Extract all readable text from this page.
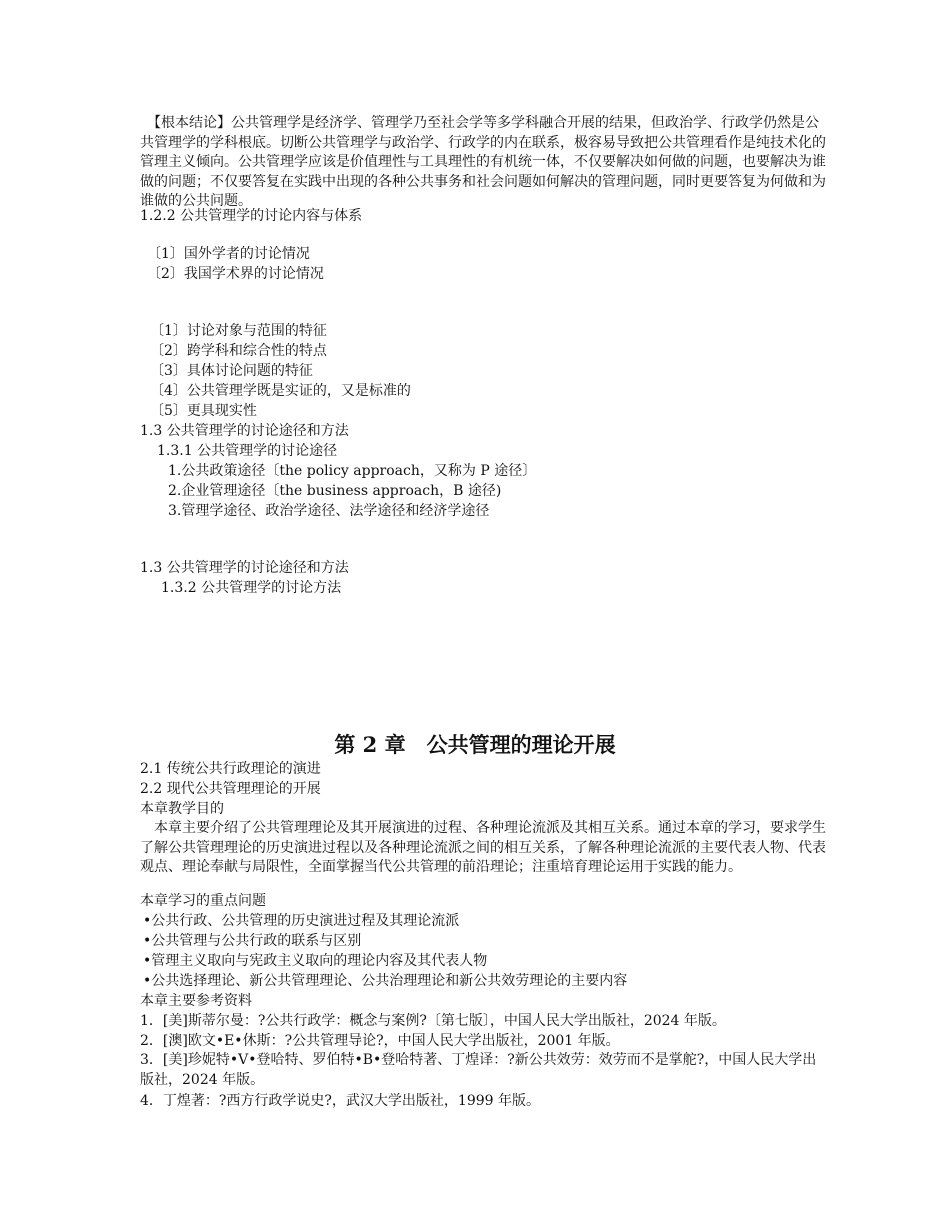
【根本结论】公共管理学是经济学、管理学乃至社会学等多学科融合开展的结果，但政治学、行政学仍然是公共管理学的学科根底。切断公共管理学与政治学、行政学的内在联系，极容易导致把公共管理看作是纯技术化的管理主义倾向。公共管理学应该是价值理性与工具理性的有机统一体，不仅要解决如何做的问题，也要解决为谁做的问题；不仅要答复在实践中出现的各种公共事务和社会问题如何解决的管理问题，同时更要答复为何做和为谁做的公共问题。
1.2.2 公共管理学的讨论内容与体系
〔1〕国外学者的讨论情况
〔2〕我国学术界的讨论情况
〔1〕讨论对象与范围的特征
〔2〕跨学科和综合性的特点
〔3〕具体讨论问题的特征
〔4〕公共管理学既是实证的，又是标准的
〔5〕更具现实性
1.3 公共管理学的讨论途径和方法
1.3.1 公共管理学的讨论途径
1.公共政策途径〔the policy approach，又称为 P 途径〕
2.企业管理途径〔the business approach，B 途径)
3.管理学途径、政治学途径、法学途径和经济学途径
1.3 公共管理学的讨论途径和方法
1.3.2 公共管理学的讨论方法
第 2 章　公共管理的理论开展
2.1 传统公共行政理论的演进
2.2 现代公共管理理论的开展
本章教学目的
本章主要介绍了公共管理理论及其开展演进的过程、各种理论流派及其相互关系。通过本章的学习，要求学生了解公共管理理论的历史演进过程以及各种理论流派之间的相互关系，了解各种理论流派的主要代表人物、代表观点、理论奉献与局限性，全面掌握当代公共管理的前沿理论；注重培育理论运用于实践的能力。
本章学习的重点问题
•公共行政、公共管理的历史演进过程及其理论流派
•公共管理与公共行政的联系与区别
•管理主义取向与宪政主义取向的理论内容及其代表人物
•公共选择理论、新公共管理理论、公共治理理论和新公共效劳理论的主要内容
本章主要参考资料
1．[美]斯蒂尔曼：?公共行政学：概念与案例?〔第七版〕，中国人民大学出版社，2024 年版。
2．[澳]欧文•E•休斯：?公共管理导论?，中国人民大学出版社，2001 年版。
3．[美]珍妮特•V•登哈特、罗伯特•B•登哈特著、丁煌译：?新公共效劳：效劳而不是掌舵?，中国人民大学出版社，2024 年版。
4．丁煌著：?西方行政学说史?，武汉大学出版社，1999 年版。
